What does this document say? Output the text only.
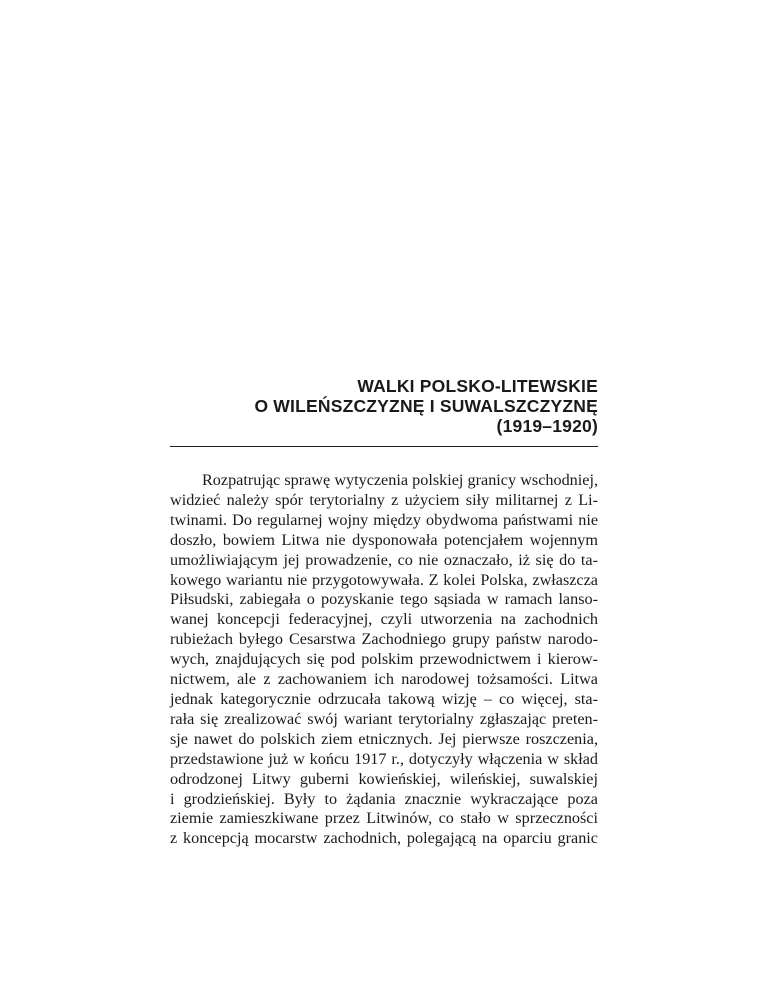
WALKI POLSKO-LITEWSKIE
O WILEŃSZCZYZNĘ I SUWALSZCZYZNĘ
(1919–1920)
Rozpatrując sprawę wytyczenia polskiej granicy wschodniej,
widzieć należy spór terytorialny z użyciem siły militarnej z Li-
twinami. Do regularnej wojny między obydwoma państwami nie
doszło, bowiem Litwa nie dysponowała potencjałem wojennym
umożliwiającym jej prowadzenie, co nie oznaczało, iż się do ta-
kowego wariantu nie przygotowywała. Z kolei Polska, zwłaszcza
Piłsudski, zabiegała o pozyskanie tego sąsiada w ramach lanso-
wanej koncepcji federacyjnej, czyli utworzenia na zachodnich
rubieżach byłego Cesarstwa Zachodniego grupy państw narodo-
wych, znajdujących się pod polskim przewodnictwem i kierow-
nictwem, ale z zachowaniem ich narodowej tożsamości. Litwa
jednak kategorycznie odrzucała takową wizję – co więcej, sta-
rała się zrealizować swój wariant terytorialny zgłaszając preten-
sje nawet do polskich ziem etnicznych. Jej pierwsze roszczenia,
przedstawione już w końcu 1917 r., dotyczyły włączenia w skład
odrodzonej Litwy guberni kowieńskiej, wileńskiej, suwalskiej
i grodzieńskiej. Były to żądania znacznie wykraczające poza
ziemie zamieszkiwane przez Litwinów, co stało w sprzeczności
z koncepcją mocarstw zachodnich, polegającą na oparciu granic
